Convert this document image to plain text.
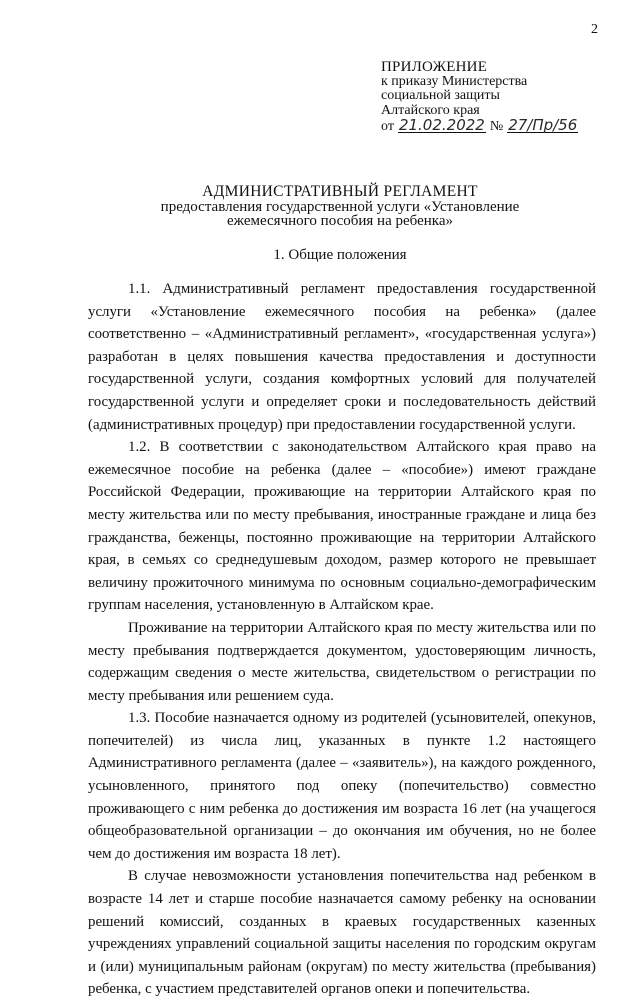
2
ПРИЛОЖЕНИЕ
к приказу Министерства
социальной защиты
Алтайского края
от 21.02.2022 № 27/Пр/56
АДМИНИСТРАТИВНЫЙ РЕГЛАМЕНТ
предоставления государственной услуги «Установление
ежемесячного пособия на ребенка»
1. Общие положения

1.1. Административный регламент предоставления государственной услуги «Установление ежемесячного пособия на ребенка» (далее соответственно – «Административный регламент», «государственная услуга») разработан в целях повышения качества предоставления и доступности государственной услуги, создания комфортных условий для получателей государственной услуги и определяет сроки и последовательность действий (административных процедур) при предоставлении государственной услуги.

1.2. В соответствии с законодательством Алтайского края право на ежемесячное пособие на ребенка (далее – «пособие») имеют граждане Российской Федерации, проживающие на территории Алтайского края по месту жительства или по месту пребывания, иностранные граждане и лица без гражданства, беженцы, постоянно проживающие на территории Алтайского края, в семьях со среднедушевым доходом, размер которого не превышает величину прожиточного минимума по основным социально-демографическим группам населения, установленную в Алтайском крае.

Проживание на территории Алтайского края по месту жительства или по месту пребывания подтверждается документом, удостоверяющим личность, содержащим сведения о месте жительства, свидетельством о регистрации по месту пребывания или решением суда.

1.3. Пособие назначается одному из родителей (усыновителей, опекунов, попечителей) из числа лиц, указанных в пункте 1.2 настоящего Административного регламента (далее – «заявитель»), на каждого рожденного, усыновленного, принятого под опеку (попечительство) совместно проживающего с ним ребенка до достижения им возраста 16 лет (на учащегося общеобразовательной организации – до окончания им обучения, но не более чем до достижения им возраста 18 лет).

В случае невозможности установления попечительства над ребенком в возрасте 14 лет и старше пособие назначается самому ребенку на основании решений комиссий, созданных в краевых государственных казенных учреждениях управлений социальной защиты населения по городским округам и (или) муниципальным районам (округам) по месту жительства (пребывания) ребенка, с участием представителей органов опеки и попечительства.
